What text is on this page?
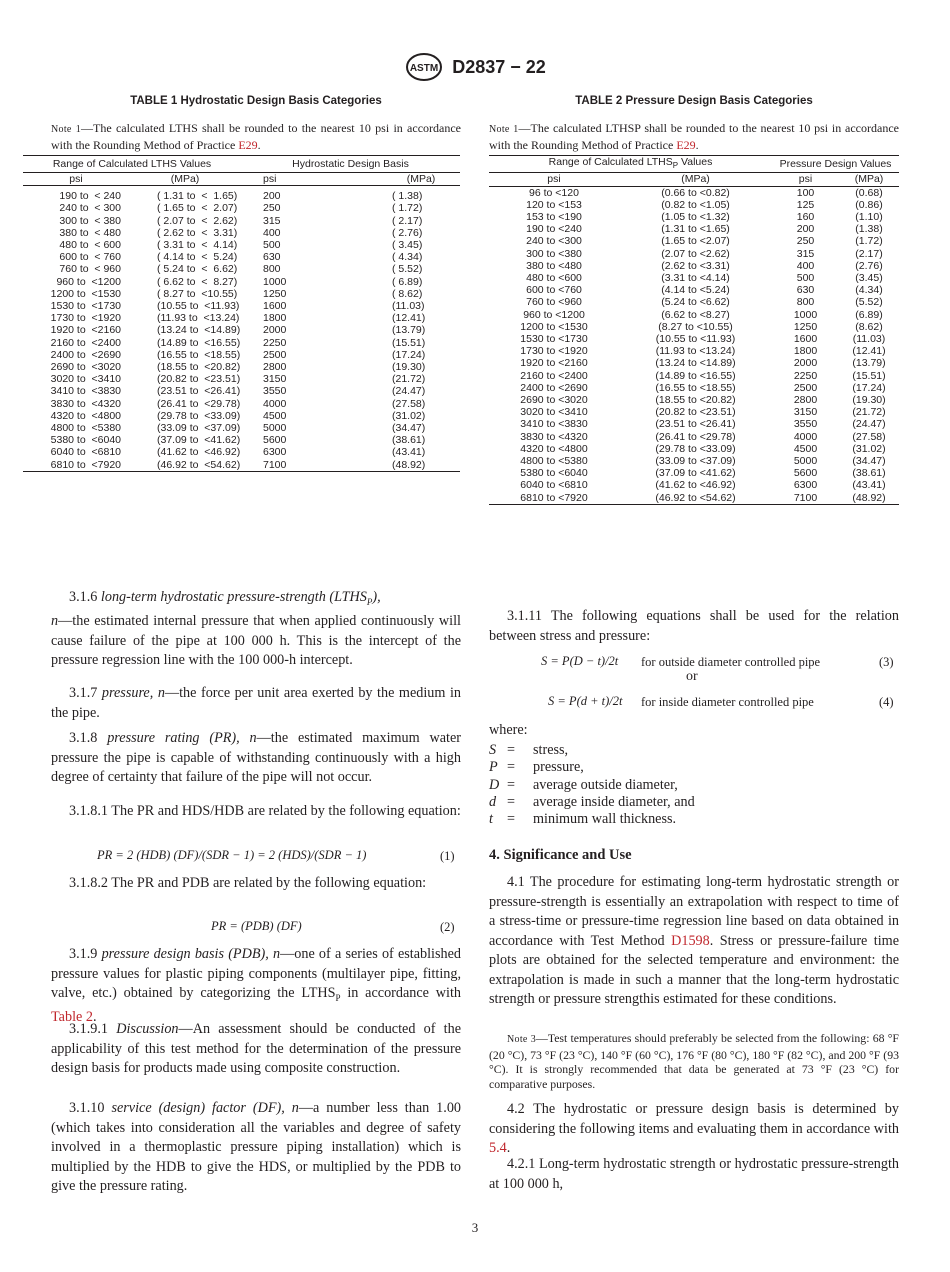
ASTM D2837 − 22
TABLE 1 Hydrostatic Design Basis Categories
Note 1—The calculated LTHS shall be rounded to the nearest 10 psi in accordance with the Rounding Method of Practice E29.
Range of Calculated LTHS Values		Hydrostatic Design Basis	
psi	(MPa)	psi	(MPa)
190 to  < 240	( 1.31 to  <  1.65)	200	( 1.38)
240 to  < 300	( 1.65 to  <  2.07)	250	( 1.72)
300 to  < 380	( 2.07 to  <  2.62)	315	( 2.17)
380 to  < 480	( 2.62 to  <  3.31)	400	( 2.76)
480 to  < 600	( 3.31 to  <  4.14)	500	( 3.45)
600 to  < 760	( 4.14 to  <  5.24)	630	( 4.34)
760 to  < 960	( 5.24 to  <  6.62)	800	( 5.52)
960 to  <1200	( 6.62 to  <  8.27)	1000	( 6.89)
1200 to  <1530	( 8.27 to  <10.55)	1250	( 8.62)
1530 to  <1730	(10.55 to  <11.93)	1600	(11.03)
1730 to  <1920	(11.93 to  <13.24)	1800	(12.41)
1920 to  <2160	(13.24 to  <14.89)	2000	(13.79)
2160 to  <2400	(14.89 to  <16.55)	2250	(15.51)
2400 to  <2690	(16.55 to  <18.55)	2500	(17.24)
2690 to  <3020	(18.55 to  <20.82)	2800	(19.30)
3020 to  <3410	(20.82 to  <23.51)	3150	(21.72)
3410 to  <3830	(23.51 to  <26.41)	3550	(24.47)
3830 to  <4320	(26.41 to  <29.78)	4000	(27.58)
4320 to  <4800	(29.78 to  <33.09)	4500	(31.02)
4800 to  <5380	(33.09 to  <37.09)	5000	(34.47)
5380 to  <6040	(37.09 to  <41.62)	5600	(38.61)
6040 to  <6810	(41.62 to  <46.92)	6300	(43.41)
6810 to  <7920	(46.92 to  <54.62)	7100	(48.92)
TABLE 2 Pressure Design Basis Categories
Note 1—The calculated LTHSP shall be rounded to the nearest 10 psi in accordance with the Rounding Method of Practice E29.
Range of Calculated $LTHS_P$ Values		Pressure Design Values	
psi	(MPa)	psi	(MPa)
96 to <120	(0.66 to <0.82)	100	(0.68)
120 to <153	(0.82 to <1.05)	125	(0.86)
153 to <190	(1.05 to <1.32)	160	(1.10)
190 to <240	(1.31 to <1.65)	200	(1.38)
240 to <300	(1.65 to <2.07)	250	(1.72)
300 to <380	(2.07 to <2.62)	315	(2.17)
380 to <480	(2.62 to <3.31)	400	(2.76)
480 to <600	(3.31 to <4.14)	500	(3.45)
600 to <760	(4.14 to <5.24)	630	(4.34)
760 to <960	(5.24 to <6.62)	800	(5.52)
960 to <1200	(6.62 to <8.27)	1000	(6.89)
1200 to <1530	(8.27 to <10.55)	1250	(8.62)
1530 to <1730	(10.55 to <11.93)	1600	(11.03)
1730 to <1920	(11.93 to <13.24)	1800	(12.41)
1920 to <2160	(13.24 to <14.89)	2000	(13.79)
2160 to <2400	(14.89 to <16.55)	2250	(15.51)
2400 to <2690	(16.55 to <18.55)	2500	(17.24)
2690 to <3020	(18.55 to <20.82)	2800	(19.30)
3020 to <3410	(20.82 to <23.51)	3150	(21.72)
3410 to <3830	(23.51 to <26.41)	3550	(24.47)
3830 to <4320	(26.41 to <29.78)	4000	(27.58)
4320 to <4800	(29.78 to <33.09)	4500	(31.02)
4800 to <5380	(33.09 to <37.09)	5000	(34.47)
5380 to <6040	(37.09 to <41.62)	5600	(38.61)
6040 to <6810	(41.62 to <46.92)	6300	(43.41)
6810 to <7920	(46.92 to <54.62)	7100	(48.92)
3.1.6 long-term hydrostatic pressure-strength $(LTHS_P)$,
n—the estimated internal pressure that when applied continuously will cause failure of the pipe at 100 000 h. This is the intercept of the pressure regression line with the 100 000-h intercept.
3.1.7 pressure, n—the force per unit area exerted by the medium in the pipe.
3.1.8 pressure rating (PR), n—the estimated maximum water pressure the pipe is capable of withstanding continuously with a high degree of certainty that failure of the pipe will not occur.
3.1.8.1 The PR and HDS/HDB are related by the following equation:
PR = 2 (HDB) (DF)/(SDR − 1) = 2 (HDS)/(SDR − 1)	(1)
3.1.8.2 The PR and PDB are related by the following equation:
PR = (PDB) (DF)	(2)
3.1.9 pressure design basis (PDB), n—one of a series of established pressure values for plastic piping components (multilayer pipe, fitting, valve, etc.) obtained by categorizing the $LTHS_P$ in accordance with Table 2.
3.1.9.1 Discussion—An assessment should be conducted of the applicability of this test method for the determination of the pressure design basis for products made using composite construction.
3.1.10 service (design) factor (DF), n—a number less than 1.00 (which takes into consideration all the variables and degree of safety involved in a thermoplastic pressure piping installation) which is multiplied by the HDB to give the HDS, or multiplied by the PDB to give the pressure rating.
3.1.11 The following equations shall be used for the relation between stress and pressure:
S = P(D − t)/2t for outside diameter controlled pipe	(3)
or
S = P(d + t)/2t for inside diameter controlled pipe	(4)
where:
S = stress,
P = pressure,
D = average outside diameter,
d = average inside diameter, and
t = minimum wall thickness.
4. Significance and Use
4.1 The procedure for estimating long-term hydrostatic strength or pressure-strength is essentially an extrapolation with respect to time of a stress-time or pressure-time regression line based on data obtained in accordance with Test Method D1598. Stress or pressure-failure time plots are obtained for the selected temperature and environment: the extrapolation is made in such a manner that the long-term hydrostatic strength or pressure strengthis estimated for these conditions.
Note 3—Test temperatures should preferably be selected from the following: 68 °F (20 °C), 73 °F (23 °C), 140 °F (60 °C), 176 °F (80 °C), 180 °F (82 °C), and 200 °F (93 °C). It is strongly recommended that data be generated at 73 °F (23 °C) for comparative purposes.
4.2 The hydrostatic or pressure design basis is determined by considering the following items and evaluating them in accordance with 5.4.
4.2.1 Long-term hydrostatic strength or hydrostatic pressure-strength at 100 000 h,
3
